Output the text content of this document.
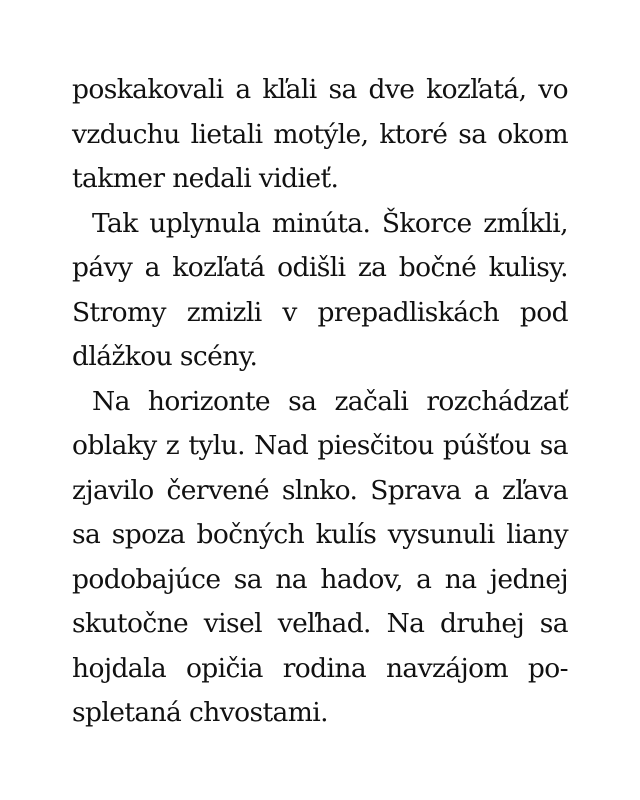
poskakovali a kľali sa dve kozľatá, vo
vzduchu lietali motýle, ktoré sa okom
takmer nedali vidieť.
Tak uplynula minúta. Škorce zmĺkli,
pávy a kozľatá odišli za bočné kulisy.
Stromy zmizli v prepadliskách pod
dlážkou scény.
Na horizonte sa začali rozchádzať
oblaky z tylu. Nad piesčitou púšťou sa
zjavilo červené slnko. Sprava a zľava
sa spoza bočných kulís vysunuli liany
podobajúce sa na hadov, a na jednej
skutočne visel veľhad. Na druhej sa
hojdala opičia rodina navzájom po-
spletaná chvostami.
